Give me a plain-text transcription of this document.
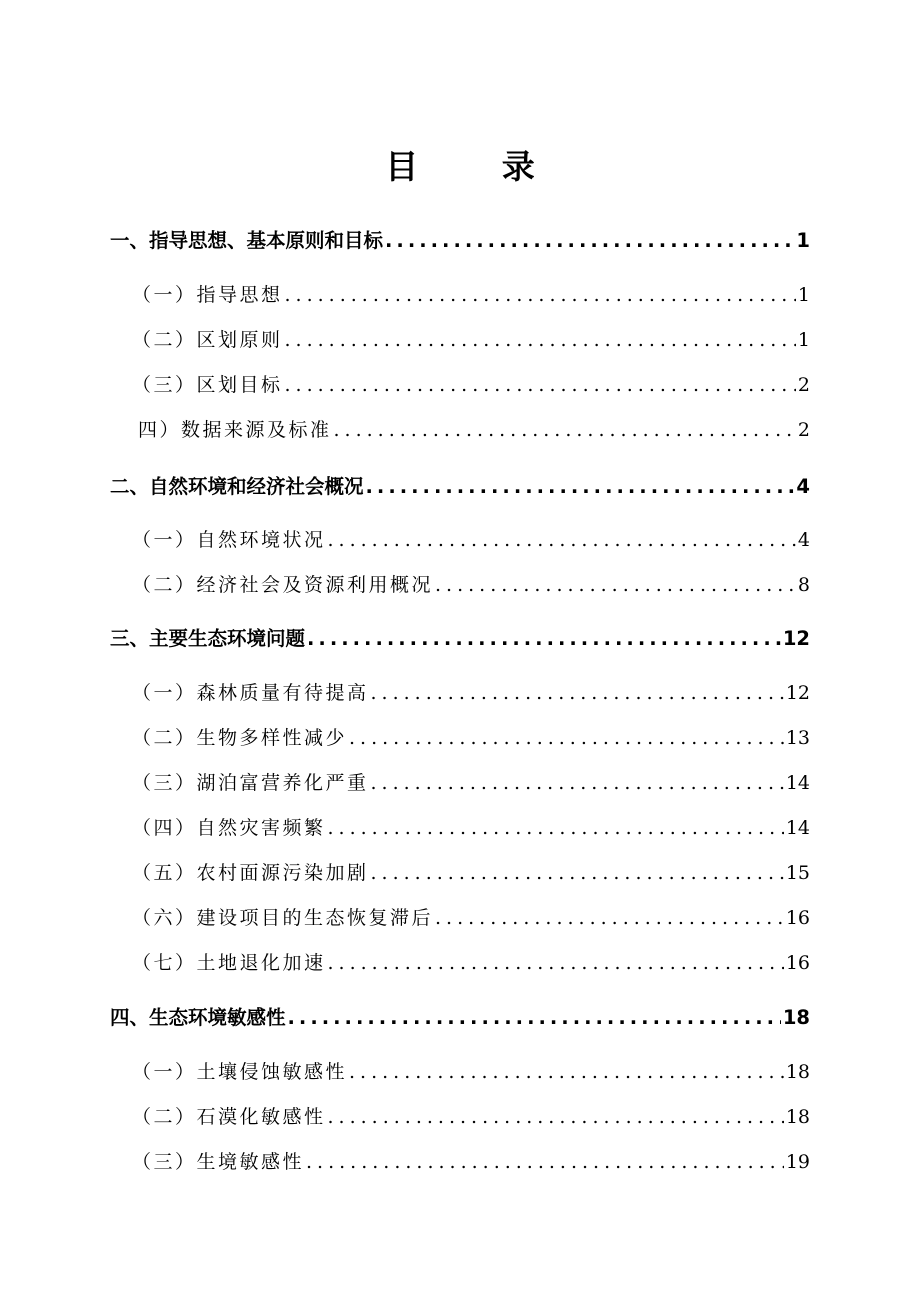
目 录
一、指导思想、基本原则和目标 .....	1
（一）指导思想 .....	1
（二）区划原则 .....	1
（三）区划目标 .....	2
四）数据来源及标准 .....	2
二、自然环境和经济社会概况 .....	4
（一）自然环境状况 .....	4
（二）经济社会及资源利用概况 .....	8
三、主要生态环境问题 .....	12
（一）森林质量有待提高 .....	12
（二）生物多样性减少 .....	13
（三）湖泊富营养化严重 .....	14
（四）自然灾害频繁 .....	14
（五）农村面源污染加剧 .....	15
（六）建设项目的生态恢复滞后 .....	16
（七）土地退化加速 .....	16
四、生态环境敏感性 .....	18
（一）土壤侵蚀敏感性 .....	18
（二）石漠化敏感性 .....	18
（三）生境敏感性 .....	19
